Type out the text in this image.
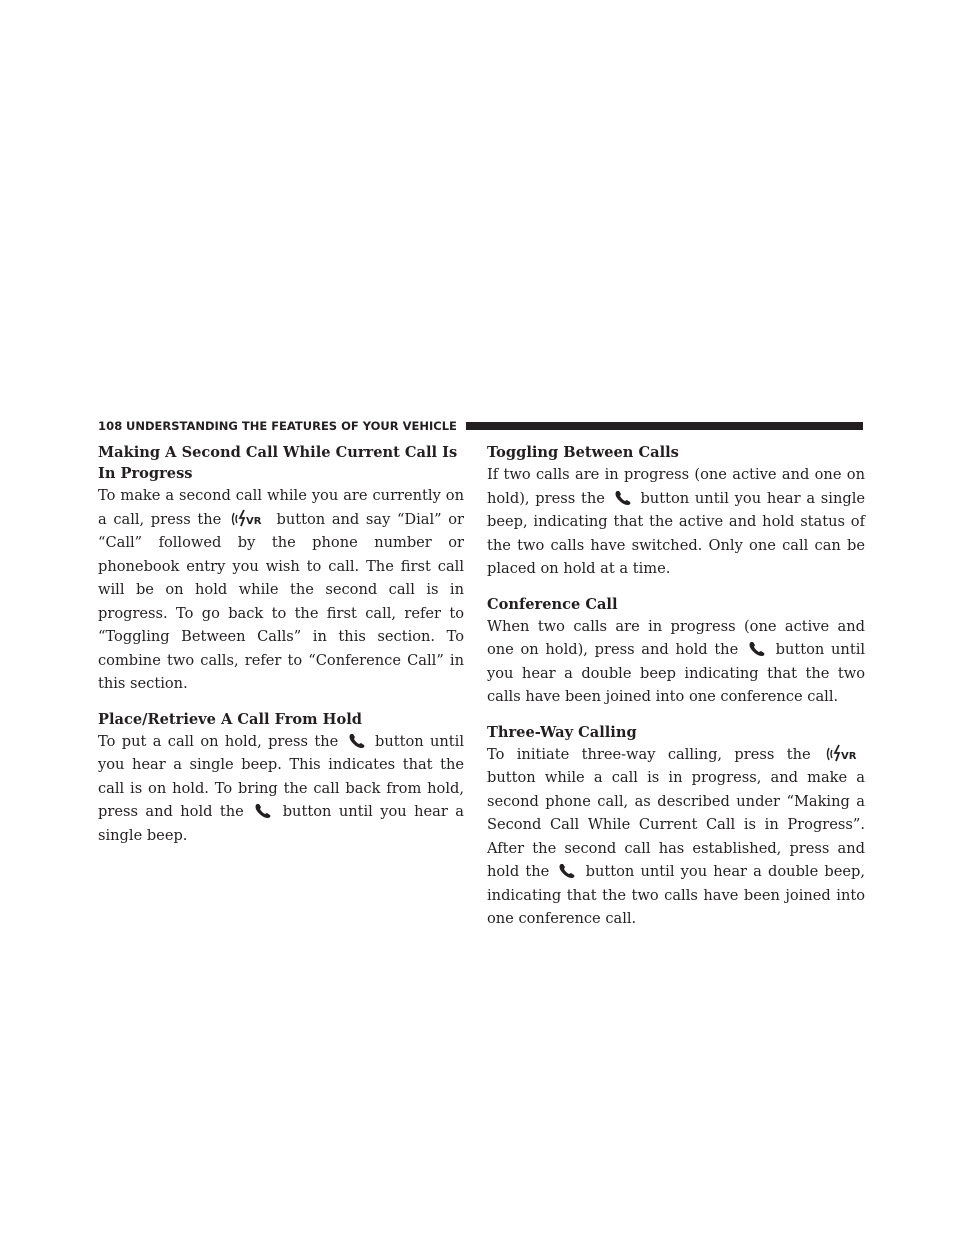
108 UNDERSTANDING THE FEATURES OF YOUR VEHICLE
Making A Second Call While Current Call Is In Progress

To make a second call while you are currently on a call, press the VR button and say “Dial” or “Call” followed by the phone number or phonebook entry you wish to call. The first call will be on hold while the second call is in progress. To go back to the first call, refer to “Toggling Between Calls” in this section. To combine two calls, refer to “Conference Call” in this section.

Place/Retrieve A Call From Hold

To put a call on hold, press the	button until you hear a single beep. This indicates that the call is on hold. To bring the call back from hold, press and hold the	button until you hear a single beep.

Toggling Between Calls

If two calls are in progress (one active and one on hold), press the button until you hear a single beep, indicating that the active and hold status of the two calls have switched. Only one call can be placed on hold at a time.

Conference Call

When two calls are in progress (one active and one on hold), press and hold the	button until you hear a double beep indicating that the two calls have been joined into one conference call.

Three-Way Calling

To initiate three-way calling, press the	VR
button while a call is in progress, and make a second phone call, as described under “Making a Second Call While Current Call is in Progress”. After the second call has established, press and hold the button until you hear a double beep, indicating that the two calls have been joined into one conference call.
